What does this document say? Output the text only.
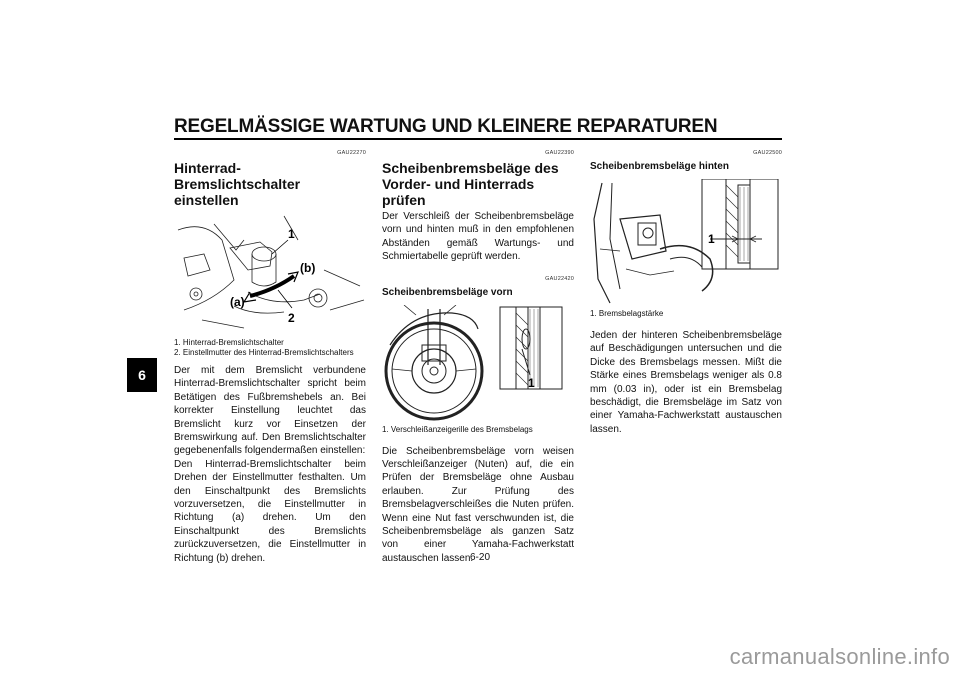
REGELMÄSSIGE WARTUNG UND KLEINERE REPARATUREN
6
GAU22270
Hinterrad-Bremslichtschalter einstellen
1
(b)
(a)
2
1. Hinterrad-Bremslichtschalter
2. Einstellmutter des Hinterrad-Bremslichtschalters

Der mit dem Bremslicht verbundene Hinterrad-Bremslichtschalter spricht beim Betätigen des Fußbremshebels an. Bei korrekter Einstellung leuchtet das Bremslicht kurz vor Einsetzen der Bremswirkung auf. Den Bremslichtschalter gegebenenfalls folgendermaßen einstellen:

Den Hinterrad-Bremslichtschalter beim Drehen der Einstellmutter festhalten. Um den Einschaltpunkt des Bremslichts vorzuversetzen, die Einstellmutter in Richtung (a) drehen. Um den Einschaltpunkt des Bremslichts zurückzuversetzen, die Einstellmutter in Richtung (b) drehen.

GAU22390
Scheibenbremsbeläge des Vorder- und Hinterrads prüfen

Der Verschleiß der Scheibenbremsbeläge vorn und hinten muß in den empfohlenen Abständen gemäß Wartungs- und Schmiertabelle geprüft werden.

GAU22420
Scheibenbremsbeläge vorn
1
1. Verschleißanzeigerille des Bremsbelags

Die Scheibenbremsbeläge vorn weisen Verschleißanzeiger (Nuten) auf, die ein Prüfen der Bremsbeläge ohne Ausbau erlauben. Zur Prüfung des Bremsbelagverschleißes die Nuten prüfen. Wenn eine Nut fast verschwunden ist, die Scheibenbremsbeläge als ganzen Satz von einer Yamaha-Fachwerkstatt austauschen lassen.

GAU22500
Scheibenbremsbeläge hinten
1
1. Bremsbelagstärke

Jeden der hinteren Scheibenbremsbeläge auf Beschädigungen untersuchen und die Dicke des Bremsbelags messen. Mißt die Stärke eines Bremsbelags weniger als 0.8 mm (0.03 in), oder ist ein Bremsbelag beschädigt, die Bremsbeläge im Satz von einer Yamaha-Fachwerkstatt austauschen lassen.

6-20
carmanualsonline.info
